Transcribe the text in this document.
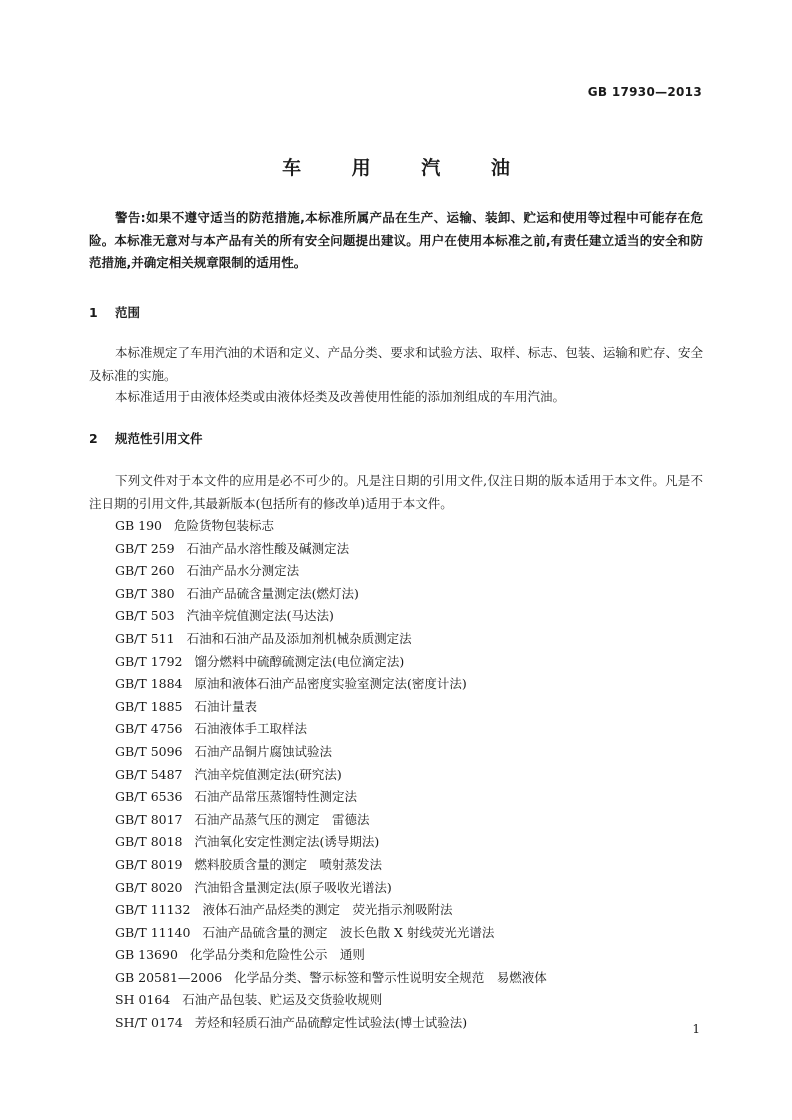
GB 17930—2013
车 用 汽 油

警告:如果不遵守适当的防范措施,本标准所属产品在生产、运输、装卸、贮运和使用等过程中可能存在危险。本标准无意对与本产品有关的所有安全问题提出建议。用户在使用本标准之前,有责任建立适当的安全和防范措施,并确定相关规章限制的适用性。

1 范围

本标准规定了车用汽油的术语和定义、产品分类、要求和试验方法、取样、标志、包装、运输和贮存、安全及标准的实施。

本标准适用于由液体烃类或由液体烃类及改善使用性能的添加剂组成的车用汽油。

2 规范性引用文件

下列文件对于本文件的应用是必不可少的。凡是注日期的引用文件,仅注日期的版本适用于本文件。凡是不注日期的引用文件,其最新版本(包括所有的修改单)适用于本文件。

GB 190 危险货物包装标志
GB/T 259 石油产品水溶性酸及碱测定法
GB/T 260 石油产品水分测定法
GB/T 380 石油产品硫含量测定法(燃灯法)
GB/T 503 汽油辛烷值测定法(马达法)
GB/T 511 石油和石油产品及添加剂机械杂质测定法
GB/T 1792 馏分燃料中硫醇硫测定法(电位滴定法)
GB/T 1884 原油和液体石油产品密度实验室测定法(密度计法)
GB/T 1885 石油计量表
GB/T 4756 石油液体手工取样法
GB/T 5096 石油产品铜片腐蚀试验法
GB/T 5487 汽油辛烷值测定法(研究法)
GB/T 6536 石油产品常压蒸馏特性测定法
GB/T 8017 石油产品蒸气压的测定　雷德法
GB/T 8018 汽油氧化安定性测定法(诱导期法)
GB/T 8019 燃料胶质含量的测定　喷射蒸发法
GB/T 8020 汽油铅含量测定法(原子吸收光谱法)
GB/T 11132 液体石油产品烃类的测定　荧光指示剂吸附法
GB/T 11140 石油产品硫含量的测定　波长色散 X 射线荧光光谱法
GB 13690 化学品分类和危险性公示　通则
GB 20581—2006 化学品分类、警示标签和警示性说明安全规范　易燃液体
SH 0164 石油产品包装、贮运及交货验收规则
SH/T 0174 芳烃和轻质石油产品硫醇定性试验法(博士试验法)	1
